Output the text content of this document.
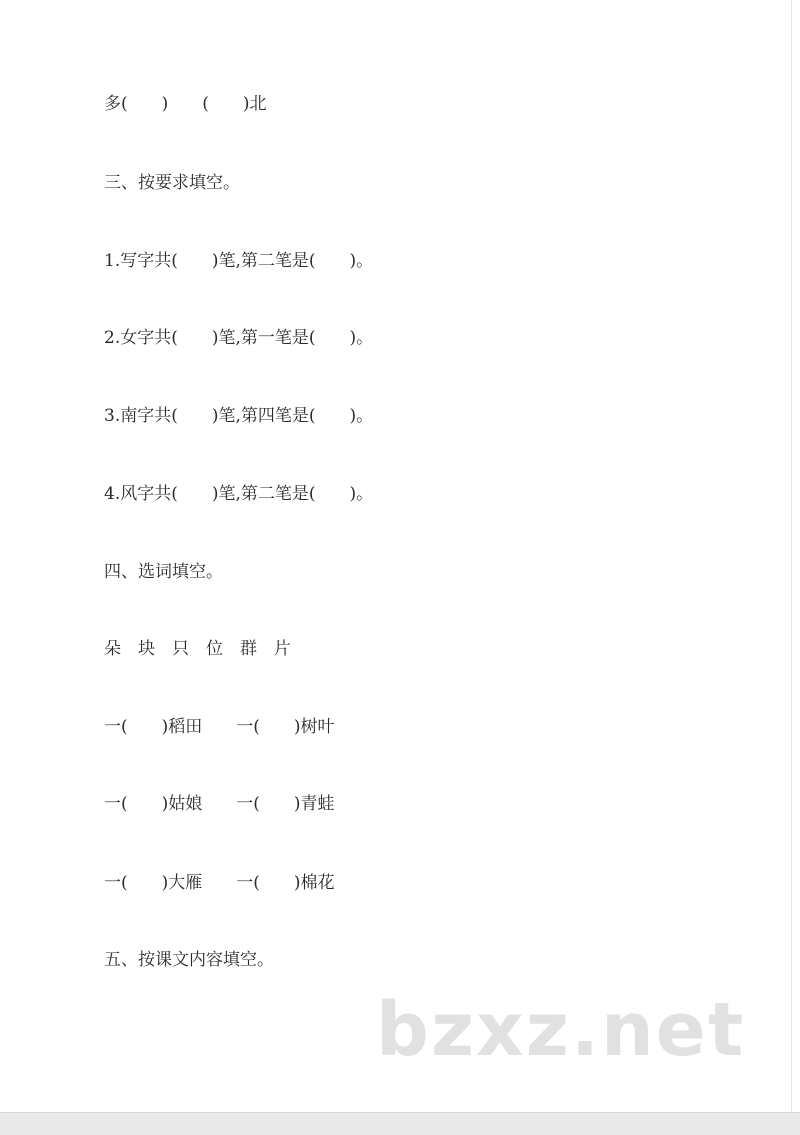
多(　　)　　(　　)北
三、按要求填空。
1.写字共(　　)笔,第二笔是(　　)。
2.女字共(　　)笔,第一笔是(　　)。
3.南字共(　　)笔,第四笔是(　　)。
4.风字共(　　)笔,第二笔是(　　)。
四、选词填空。
朵　块　只　位　群　片
一(　　)稻田　　一(　　)树叶
一(　　)姑娘　　一(　　)青蛙
一(　　)大雁　　一(　　)棉花
五、按课文内容填空。
bzxz.net
